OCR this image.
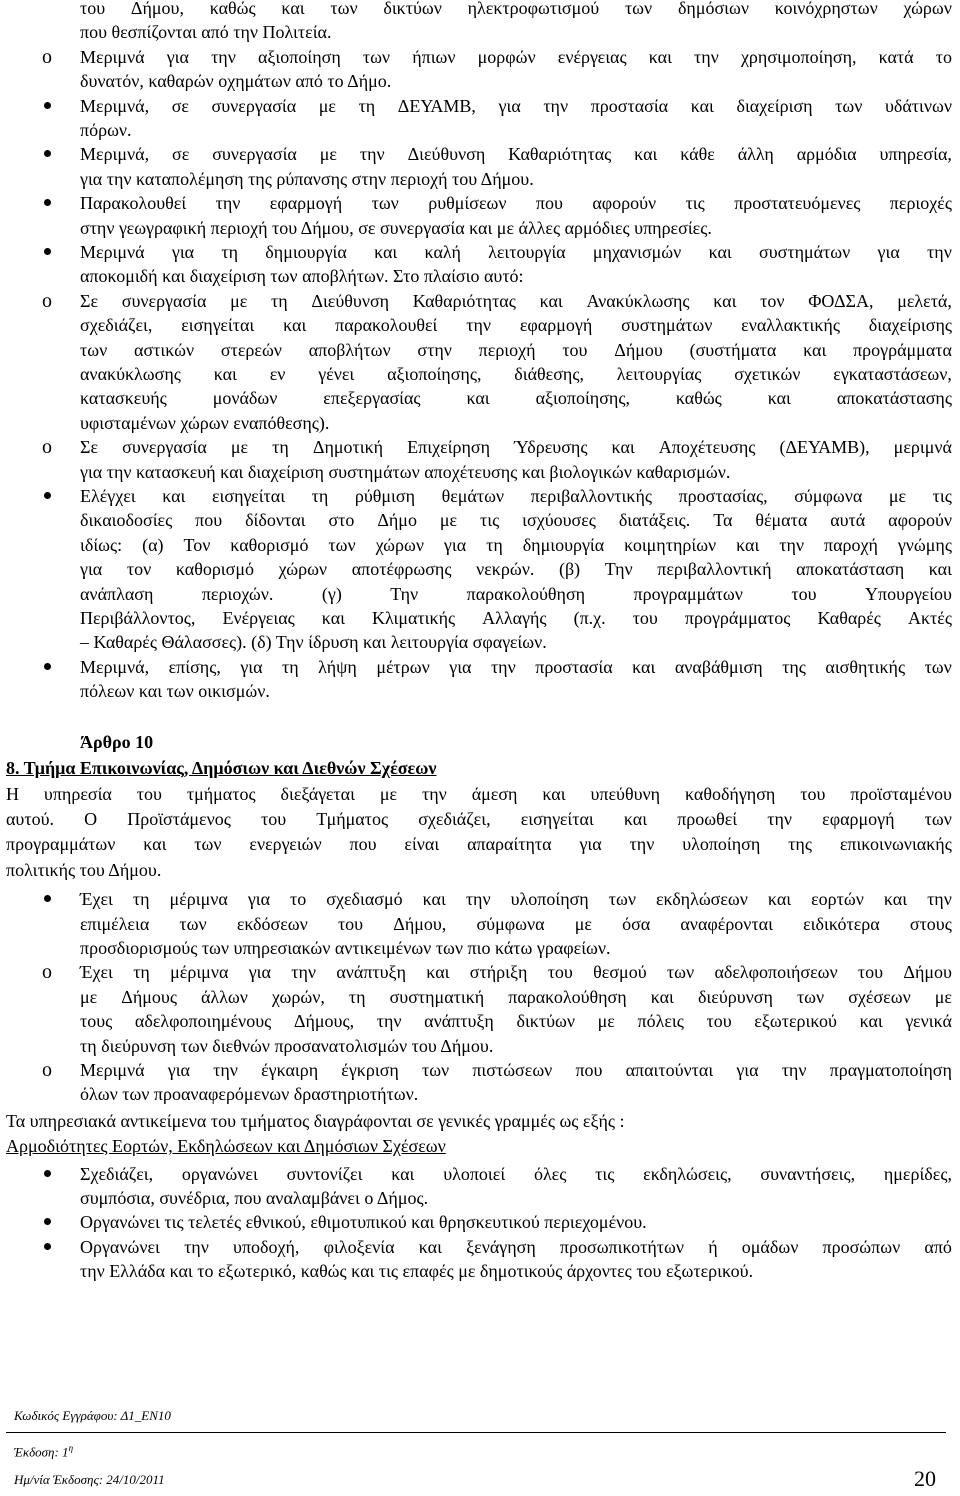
του Δήμου, καθώς και των δικτύων ηλεκτροφωτισμού των δημόσιων κοινόχρηστων χώρων
που θεσπίζονται από την Πολιτεία.
o Μεριμνά για την αξιοποίηση των ήπιων μορφών ενέργειας και την χρησιμοποίηση, κατά το
δυνατόν, καθαρών οχημάτων από το Δήμο.
Μεριμνά, σε συνεργασία με τη ΔΕΥΑΜΒ, για την προστασία και διαχείριση των υδάτινων
πόρων.
Μεριμνά, σε συνεργασία με την Διεύθυνση Καθαριότητας και κάθε άλλη αρμόδια υπηρεσία,
για την καταπολέμηση της ρύπανσης στην περιοχή του Δήμου.
Παρακολουθεί την εφαρμογή των ρυθμίσεων που αφορούν τις προστατευόμενες περιοχές
στην γεωγραφική περιοχή του Δήμου, σε συνεργασία και με άλλες αρμόδιες υπηρεσίες.
Μεριμνά για τη δημιουργία και καλή λειτουργία μηχανισμών και συστημάτων για την
αποκομιδή και διαχείριση των αποβλήτων. Στο πλαίσιο αυτό:
o Σε συνεργασία με τη Διεύθυνση Καθαριότητας και Ανακύκλωσης και τον ΦΟΔΣΑ, μελετά,
σχεδιάζει, εισηγείται και παρακολουθεί την εφαρμογή συστημάτων εναλλακτικής διαχείρισης
των αστικών στερεών αποβλήτων στην περιοχή του Δήμου (συστήματα και προγράμματα
ανακύκλωσης και εν γένει αξιοποίησης, διάθεσης, λειτουργίας σχετικών εγκαταστάσεων,
κατασκευής	μονάδων	επεξεργασίας	και	αξιοποίησης,	καθώς	και	αποκατάστασης
υφισταμένων χώρων εναπόθεσης).
o Σε συνεργασία με τη Δημοτική Επιχείρηση Ύδρευσης και Αποχέτευσης (ΔΕΥΑΜΒ), μεριμνά
για την κατασκευή και διαχείριση συστημάτων αποχέτευσης και βιολογικών καθαρισμών.
Ελέγχει και εισηγείται τη ρύθμιση θεμάτων περιβαλλοντικής προστασίας, σύμφωνα με τις
δικαιοδοσίες που δίδονται στο Δήμο με τις ισχύουσες διατάξεις. Τα θέματα αυτά αφορούν
ιδίως: (α) Τον καθορισμό των χώρων για τη δημιουργία κοιμητηρίων και την παροχή γνώμης
για τον καθορισμό χώρων αποτέφρωσης νεκρών. (β) Την περιβαλλοντική αποκατάσταση και
ανάπλαση	περιοχών.	(γ)	Την	παρακολούθηση	προγραμμάτων	του	Υπουργείου
Περιβάλλοντος, Ενέργειας και Κλιματικής Αλλαγής (π.χ. του προγράμματος Καθαρές Ακτές
– Καθαρές Θάλασσες). (δ) Την ίδρυση και λειτουργία σφαγείων.
Μεριμνά, επίσης, για τη λήψη μέτρων για την προστασία και αναβάθμιση της αισθητικής των
πόλεων και των οικισμών.
Άρθρο 10
8. Τμήμα Επικοινωνίας, Δημόσιων και Διεθνών Σχέσεων
Η υπηρεσία του τμήματος διεξάγεται με την άμεση και υπεύθυνη καθοδήγηση του προϊσταμένου
αυτού. Ο Προϊστάμενος του Τμήματος σχεδιάζει, εισηγείται και προωθεί την εφαρμογή των
προγραμμάτων και των ενεργειών που είναι απαραίτητα για την υλοποίηση της επικοινωνιακής
πολιτικής του Δήμου.
Έχει τη μέριμνα για το σχεδιασμό και την υλοποίηση των εκδηλώσεων και εορτών και την
επιμέλεια των εκδόσεων του Δήμου, σύμφωνα με όσα αναφέρονται ειδικότερα στους
προσδιορισμούς των υπηρεσιακών αντικειμένων των πιο κάτω γραφείων.
o Έχει τη μέριμνα για την ανάπτυξη και στήριξη του θεσμού των αδελφοποιήσεων του Δήμου
με Δήμους άλλων χωρών, τη συστηματική παρακολούθηση και διεύρυνση των σχέσεων με
τους αδελφοποιημένους Δήμους, την ανάπτυξη δικτύων με πόλεις του εξωτερικού και γενικά
τη διεύρυνση των διεθνών προσανατολισμών του Δήμου.
o Μεριμνά για την έγκαιρη έγκριση των πιστώσεων που απαιτούνται για την πραγματοποίηση
όλων των προαναφερόμενων δραστηριοτήτων.
Τα υπηρεσιακά αντικείμενα του τμήματος διαγράφονται σε γενικές γραμμές ως εξής :
Αρμοδιότητες Εορτών, Εκδηλώσεων και Δημόσιων Σχέσεων
Σχεδιάζει, οργανώνει συντονίζει και υλοποιεί όλες τις εκδηλώσεις, συναντήσεις, ημερίδες,
συμπόσια, συνέδρια, που αναλαμβάνει ο Δήμος.
Οργανώνει τις τελετές εθνικού, εθιμοτυπικού και θρησκευτικού περιεχομένου.
Οργανώνει την υποδοχή, φιλοξενία και ξενάγηση προσωπικοτήτων ή ομάδων προσώπων από
την Ελλάδα και το εξωτερικό, καθώς και τις επαφές με δημοτικούς άρχοντες του εξωτερικού.
Κωδικός Εγγράφου: Δ1_ΕΝ10
Έκδοση: $1^\eta$
Ημ/νία Έκδοσης: 24/10/2011	20
